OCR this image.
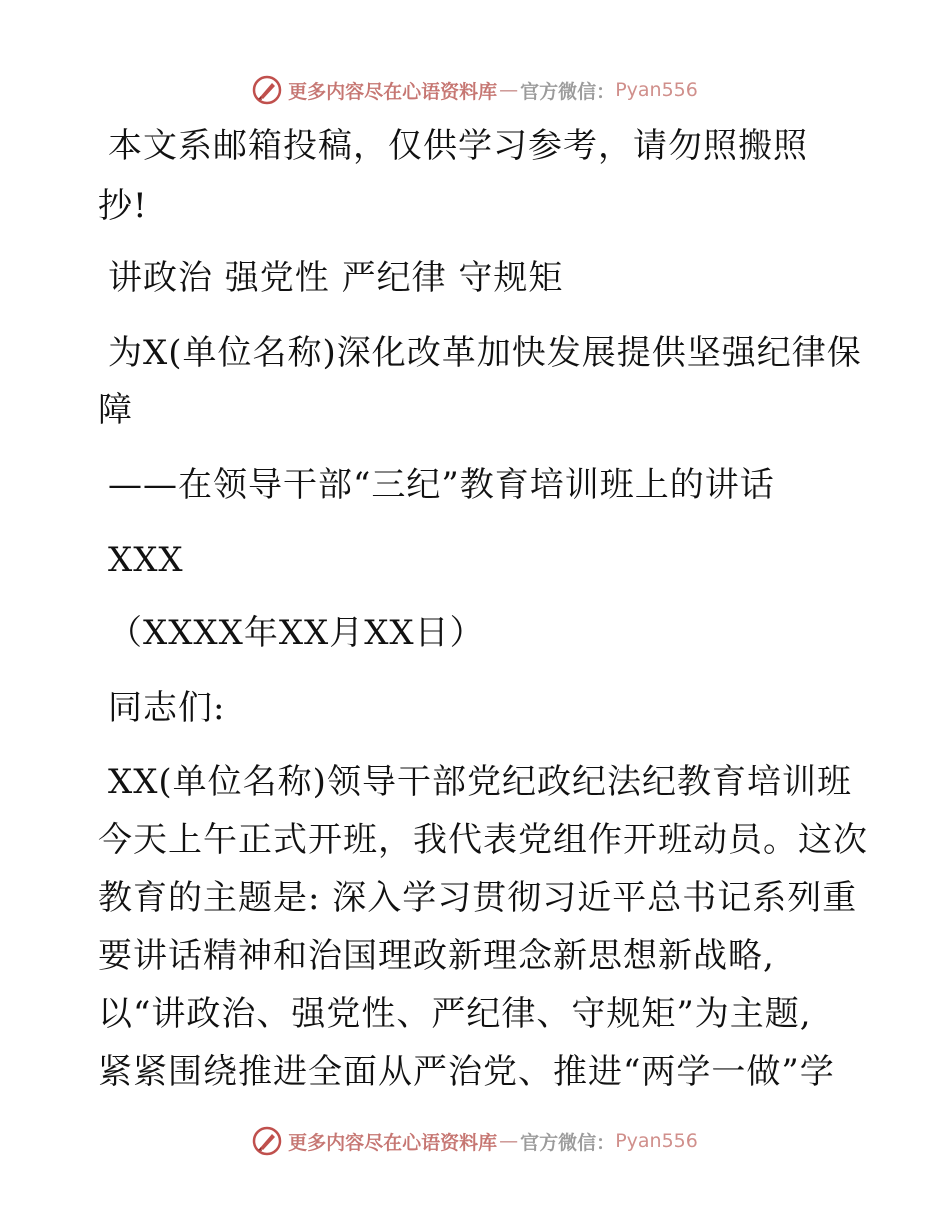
更多内容尽在心语资料库 — 官方微信： Pyan556
本文系邮箱投稿，仅供学习参考，请勿照搬照
抄!
讲政治 强党性 严纪律 守规矩
为X(单位名称)深化改革加快发展提供坚强纪律保
障
——在领导干部“三纪”教育培训班上的讲话
XXX
（XXXX年XX月XX日）
同志们:
XX(单位名称)领导干部党纪政纪法纪教育培训班
今天上午正式开班，我代表党组作开班动员。这次
教育的主题是: 深入学习贯彻习近平总书记系列重
要讲话精神和治国理政新理念新思想新战略,
以“讲政治、强党性、严纪律、守规矩”为主题,
紧紧围绕推进全面从严治党、推进“两学一做”学
更多内容尽在心语资料库 — 官方微信： Pyan556
